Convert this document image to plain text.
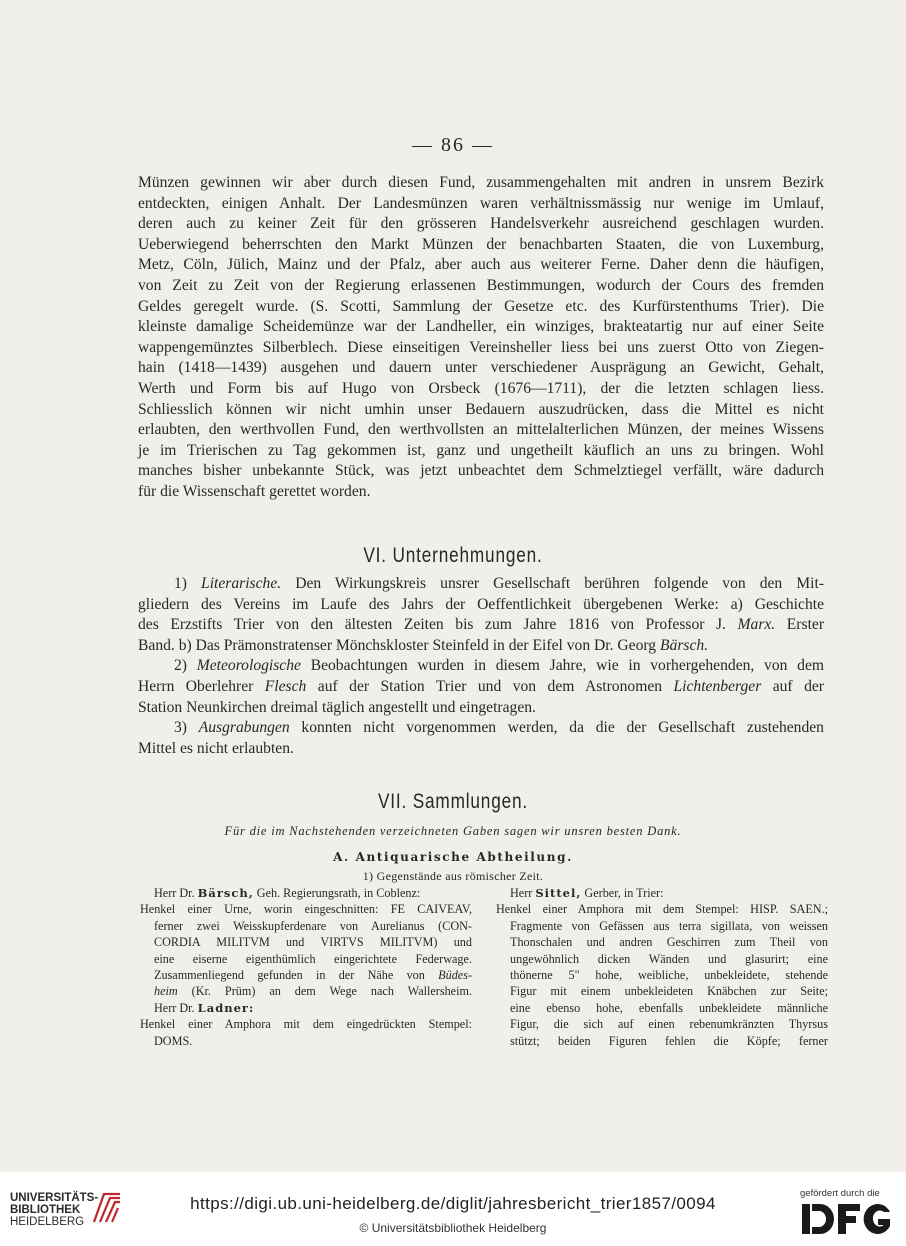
— 86 —
Münzen gewinnen wir aber durch diesen Fund, zusammengehalten mit andren in unsrem Bezirk
entdeckten, einigen Anhalt. Der Landesmünzen waren verhältnissmässig nur wenige im Umlauf,
deren auch zu keiner Zeit für den grösseren Handelsverkehr ausreichend geschlagen wurden.
Ueberwiegend beherrschten den Markt Münzen der benachbarten Staaten, die von Luxemburg,
Metz, Cöln, Jülich, Mainz und der Pfalz, aber auch aus weiterer Ferne. Daher denn die häufigen,
von Zeit zu Zeit von der Regierung erlassenen Bestimmungen, wodurch der Cours des fremden
Geldes geregelt wurde. (S. Scotti, Sammlung der Gesetze etc. des Kurfürstenthums Trier). Die
kleinste damalige Scheidemünze war der Landheller, ein winziges, brakteatartig nur auf einer Seite
wappengemünztes Silberblech. Diese einseitigen Vereinsheller liess bei uns zuerst Otto von Ziegen-
hain (1418—1439) ausgehen und dauern unter verschiedener Ausprägung an Gewicht, Gehalt,
Werth und Form bis auf Hugo von Orsbeck (1676—1711), der die letzten schlagen liess.
Schliesslich können wir nicht umhin unser Bedauern auszudrücken, dass die Mittel es nicht
erlaubten, den werthvollen Fund, den werthvollsten an mittelalterlichen Münzen, der meines Wissens
je im Trierischen zu Tag gekommen ist, ganz und ungetheilt käuflich an uns zu bringen. Wohl
manches bisher unbekannte Stück, was jetzt unbeachtet dem Schmelztiegel verfällt, wäre dadurch
für die Wissenschaft gerettet worden.
VI. Unternehmungen.
1) Literarische. Den Wirkungskreis unsrer Gesellschaft berühren folgende von den Mit-
gliedern des Vereins im Laufe des Jahrs der Oeffentlichkeit übergebenen Werke: a) Geschichte
des Erzstifts Trier von den ältesten Zeiten bis zum Jahre 1816 von Professor J. Marx. Erster
Band. b) Das Prämonstratenser Mönchskloster Steinfeld in der Eifel von Dr. Georg Bärsch.
2) Meteorologische Beobachtungen wurden in diesem Jahre, wie in vorhergehenden, von dem
Herrn Oberlehrer Flesch auf der Station Trier und von dem Astronomen Lichtenberger auf der
Station Neunkirchen dreimal täglich angestellt und eingetragen.
3) Ausgrabungen konnten nicht vorgenommen werden, da die der Gesellschaft zustehenden
Mittel es nicht erlaubten.
VII. Sammlungen.
Für die im Nachstehenden verzeichneten Gaben sagen wir unsren besten Dank.
A. Antiquarische Abtheilung.
1) Gegenstände aus römischer Zeit.
Herr Dr. Bärsch, Geh. Regierungsrath, in Coblenz:
Henkel einer Urne, worin eingeschnitten: FE CAIVEAV,
ferner zwei Weisskupferdenare von Aurelianus (CON-
CORDIA MILITVM und VIRTVS MILITVM) und
eine eiserne eigenthümlich eingerichtete Federwage.
Zusammenliegend gefunden in der Nähe von Büdes-
heim (Kr. Prüm) an dem Wege nach Wallersheim.
Herr Dr. Ladner:
Henkel einer Amphora mit dem eingedrückten Stempel:
DOMS.
Herr Sittel, Gerber, in Trier:
Henkel einer Amphora mit dem Stempel: HISP. SAEN.;
Fragmente von Gefässen aus terra sigillata, von weissen
Thonschalen und andren Geschirren zum Theil von
ungewöhnlich dicken Wänden und glasurirt; eine
thönerne 5" hohe, weibliche, unbekleidete, stehende
Figur mit einem unbekleideten Knäbchen zur Seite;
eine ebenso hohe, ebenfalls unbekleidete männliche
Figur, die sich auf einen rebenumkränzten Thyrsus
stützt; beiden Figuren fehlen die Köpfe; ferner
UNIVERSITÄTS-
BIBLIOTHEK
HEIDELBERG
https://digi.ub.uni-heidelberg.de/diglit/jahresbericht_trier1857/0094
© Universitätsbibliothek Heidelberg
gefördert durch die
